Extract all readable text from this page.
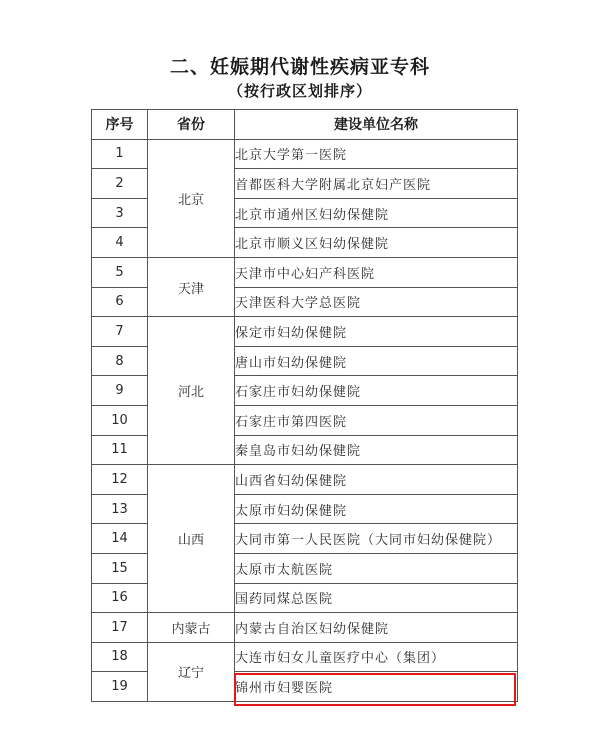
二、妊娠期代谢性疾病亚专科
（按行政区划排序）
序号	省份	建设单位名称
1	北京	北京大学第一医院
2		首都医科大学附属北京妇产医院
3		北京市通州区妇幼保健院
4		北京市顺义区妇幼保健院
5	天津	天津市中心妇产科医院
6		天津医科大学总医院
7	河北	保定市妇幼保健院
8		唐山市妇幼保健院
9		石家庄市妇幼保健院
10		石家庄市第四医院
11		秦皇岛市妇幼保健院
12	山西	山西省妇幼保健院
13		太原市妇幼保健院
14		大同市第一人民医院（大同市妇幼保健院）
15		太原市太航医院
16		国药同煤总医院
17	内蒙古	内蒙古自治区妇幼保健院
18	辽宁	大连市妇女儿童医疗中心（集团）
19		锦州市妇婴医院
